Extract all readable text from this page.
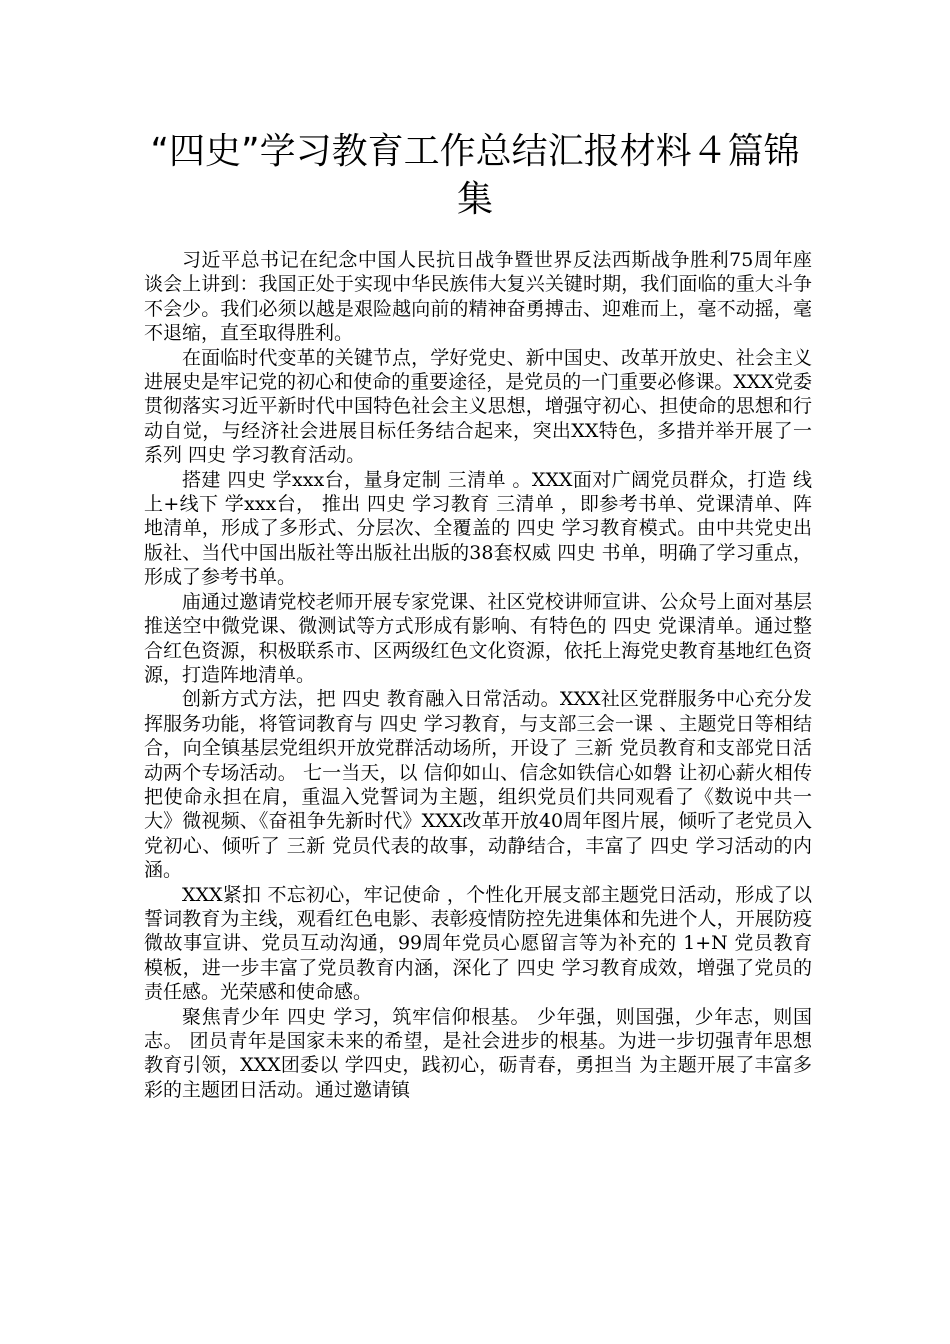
“四史”学习教育工作总结汇报材料４篇锦集

习近平总书记在纪念中国人民抗日战争暨世界反法西斯战争胜利75周年座谈会上讲到：我国正处于实现中华民族伟大复兴关键时期，我们面临的重大斗争不会少。我们必须以越是艰险越向前的精神奋勇搏击、迎难而上，毫不动摇，毫不退缩，直至取得胜利。

在面临时代变革的关键节点，学好党史、新中国史、改革开放史、社会主义进展史是牢记党的初心和使命的重要途径，是党员的一门重要必修课。XXX党委贯彻落实习近平新时代中国特色社会主义思想，增强守初心、担使命的思想和行动自觉，与经济社会进展目标任务结合起来，突出XX特色，多措并举开展了一系列 四史 学习教育活动。

搭建 四史 学xxx台，量身定制 三清单 。XXX面对广阔党员群众，打造 线上+线下 学xxx台， 推出 四史 学习教育 三清单 ，即参考书单、党课清单、阵地清单，形成了多形式、分层次、全覆盖的 四史 学习教育模式。由中共党史出版社、当代中国出版社等出版社出版的38套权威 四史 书单，明确了学习重点，形成了参考书单。

庙通过邀请党校老师开展专家党课、社区党校讲师宣讲、公众号上面对基层推送空中微党课、微测试等方式形成有影响、有特色的 四史 党课清单。通过整合红色资源，积极联系市、区两级红色文化资源，依托上海党史教育基地红色资源，打造阵地清单。

创新方式方法，把 四史 教育融入日常活动。XXX社区党群服务中心充分发挥服务功能，将管词教育与 四史 学习教育，与支部三会一课 、主题党日等相结合，向全镇基层党组织开放党群活动场所，开设了 三新 党员教育和支部党日活动两个专场活动。 七一当天，以 信仰如山、信念如铁信心如磐 让初心薪火相传 把使命永担在肩，重温入党誓词为主题，组织党员们共同观看了《数说中共一大》微视频、《奋祖争先新时代》XXX改革开放40周年图片展，倾听了老党员入党初心、倾听了 三新 党员代表的故事，动静结合，丰富了 四史 学习活动的内涵。

XXX紧扣 不忘初心，牢记使命 ，个性化开展支部主题党日活动，形成了以誓词教育为主线，观看红色电影、表彰疫情防控先进集体和先进个人，开展防疫微故事宣讲、党员互动沟通，99周年党员心愿留言等为补充的 1+N 党员教育模板，进一步丰富了党员教育内涵，深化了 四史 学习教育成效，增强了党员的责任感。光荣感和使命感。

聚焦青少年 四史 学习，筑牢信仰根基。 少年强，则国强，少年志，则国志。 团员青年是国家未来的希望，是社会进步的根基。为进一步切强青年思想教育引领，XXX团委以 学四史，践初心，砺青春，勇担当 为主题开展了丰富多彩的主题团日活动。通过邀请镇
